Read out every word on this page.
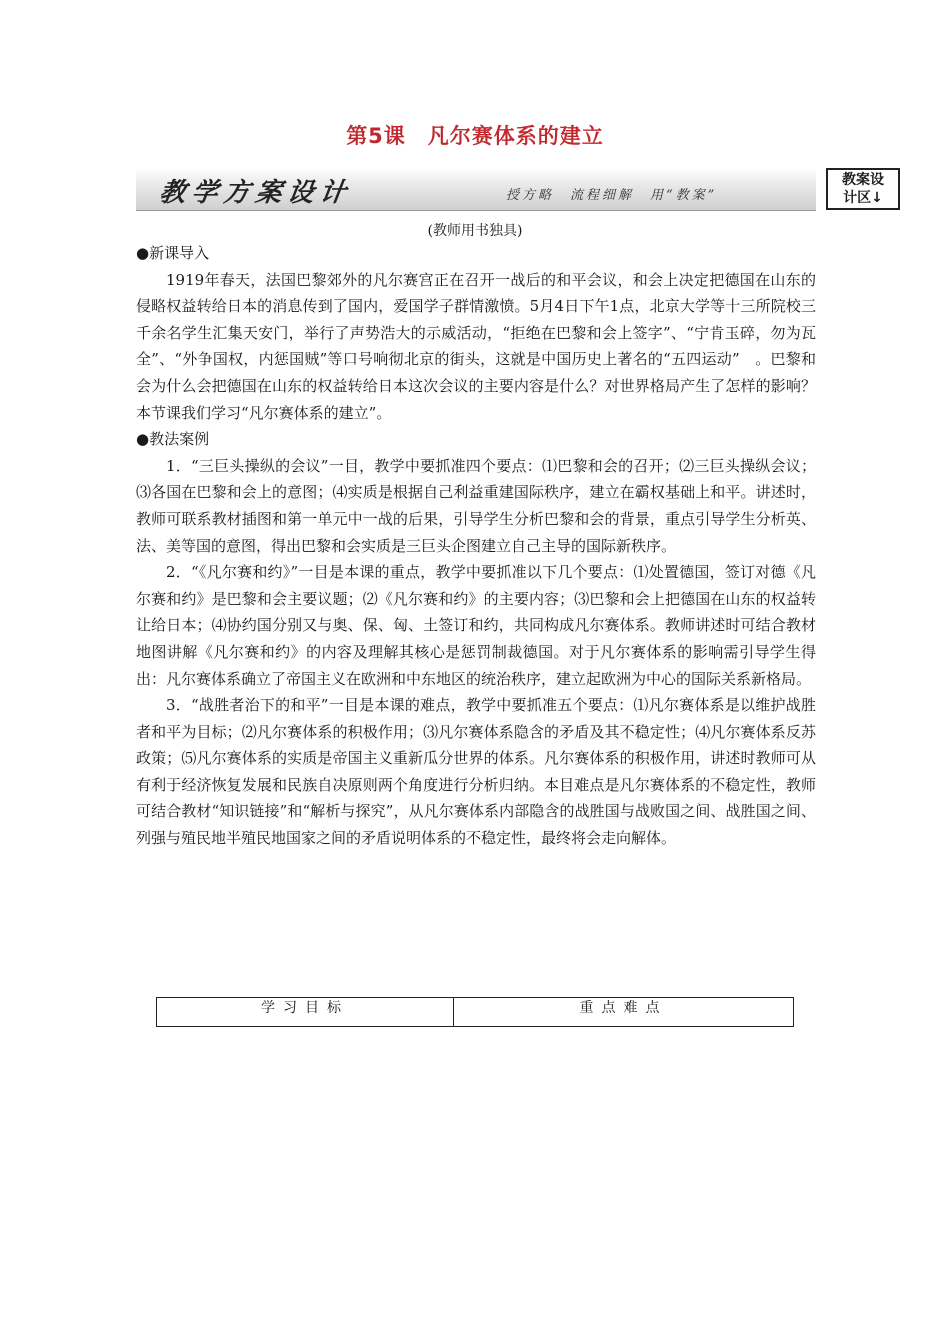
第5课　凡尔赛体系的建立
教学方案设计	授方略　流程细解　用“教案”
教案设
计区↓
(教师用书独具)
●新课导入

1919年春天，法国巴黎郊外的凡尔赛宫正在召开一战后的和平会议，和会上决定把德国在山东的侵略权益转给日本的消息传到了国内，爱国学子群情激愤。5月4日下午1点，北京大学等十三所院校三千余名学生汇集天安门，举行了声势浩大的示威活动，“拒绝在巴黎和会上签字”、“宁肯玉碎，勿为瓦全”、“外争国权，内惩国贼”等口号响彻北京的街头，这就是中国历史上著名的“五四运动”　。巴黎和会为什么会把德国在山东的权益转给日本这次会议的主要内容是什么？对世界格局产生了怎样的影响？本节课我们学习“凡尔赛体系的建立”。

●教法案例

1．“三巨头操纵的会议”一目，教学中要抓准四个要点：⑴巴黎和会的召开；⑵三巨头操纵会议；⑶各国在巴黎和会上的意图；⑷实质是根据自己利益重建国际秩序，建立在霸权基础上和平。讲述时，教师可联系教材插图和第一单元中一战的后果，引导学生分析巴黎和会的背景，重点引导学生分析英、法、美等国的意图，得出巴黎和会实质是三巨头企图建立自己主导的国际新秩序。

2．“《凡尔赛和约》”一目是本课的重点，教学中要抓准以下几个要点：⑴处置德国，签订对德《凡尔赛和约》是巴黎和会主要议题；⑵《凡尔赛和约》的主要内容；⑶巴黎和会上把德国在山东的权益转让给日本；⑷协约国分别又与奥、保、匈、土签订和约，共同构成凡尔赛体系。教师讲述时可结合教材地图讲解《凡尔赛和约》的内容及理解其核心是惩罚制裁德国。对于凡尔赛体系的影响需引导学生得出：凡尔赛体系确立了帝国主义在欧洲和中东地区的统治秩序，建立起欧洲为中心的国际关系新格局。

3．“战胜者治下的和平”一目是本课的难点，教学中要抓准五个要点：⑴凡尔赛体系是以维护战胜者和平为目标；⑵凡尔赛体系的积极作用；⑶凡尔赛体系隐含的矛盾及其不稳定性；⑷凡尔赛体系反苏政策；⑸凡尔赛体系的实质是帝国主义重新瓜分世界的体系。凡尔赛体系的积极作用，讲述时教师可从有利于经济恢复发展和民族自决原则两个角度进行分析归纳。本目难点是凡尔赛体系的不稳定性，教师可结合教材“知识链接”和“解析与探究”，从凡尔赛体系内部隐含的战胜国与战败国之间、战胜国之间、列强与殖民地半殖民地国家之间的矛盾说明体系的不稳定性，最终将会走向解体。

学习目标	重点难点
